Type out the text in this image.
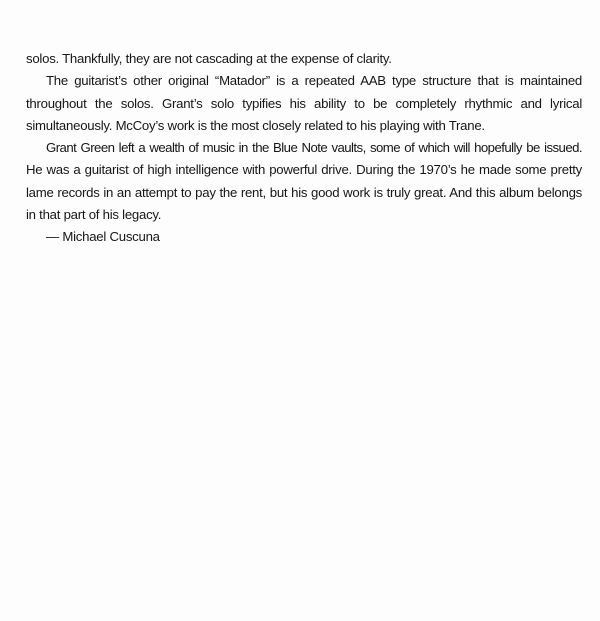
solos. Thankfully, they are not cascading at the expense of clarity.
The guitarist’s other original “Matador” is a repeated AAB type structure that is maintained
throughout the solos. Grant’s solo typifies his ability to be completely rhythmic and lyrical
simultaneously. McCoy’s work is the most closely related to his playing with Trane.
Grant Green left a wealth of music in the Blue Note vaults, some of which will hopefully be issued.
He was a guitarist of high intelligence with powerful drive. During the 1970’s he made some pretty
lame records in an attempt to pay the rent, but his good work is truly great. And this album belongs
in that part of his legacy.
— Michael Cuscuna
